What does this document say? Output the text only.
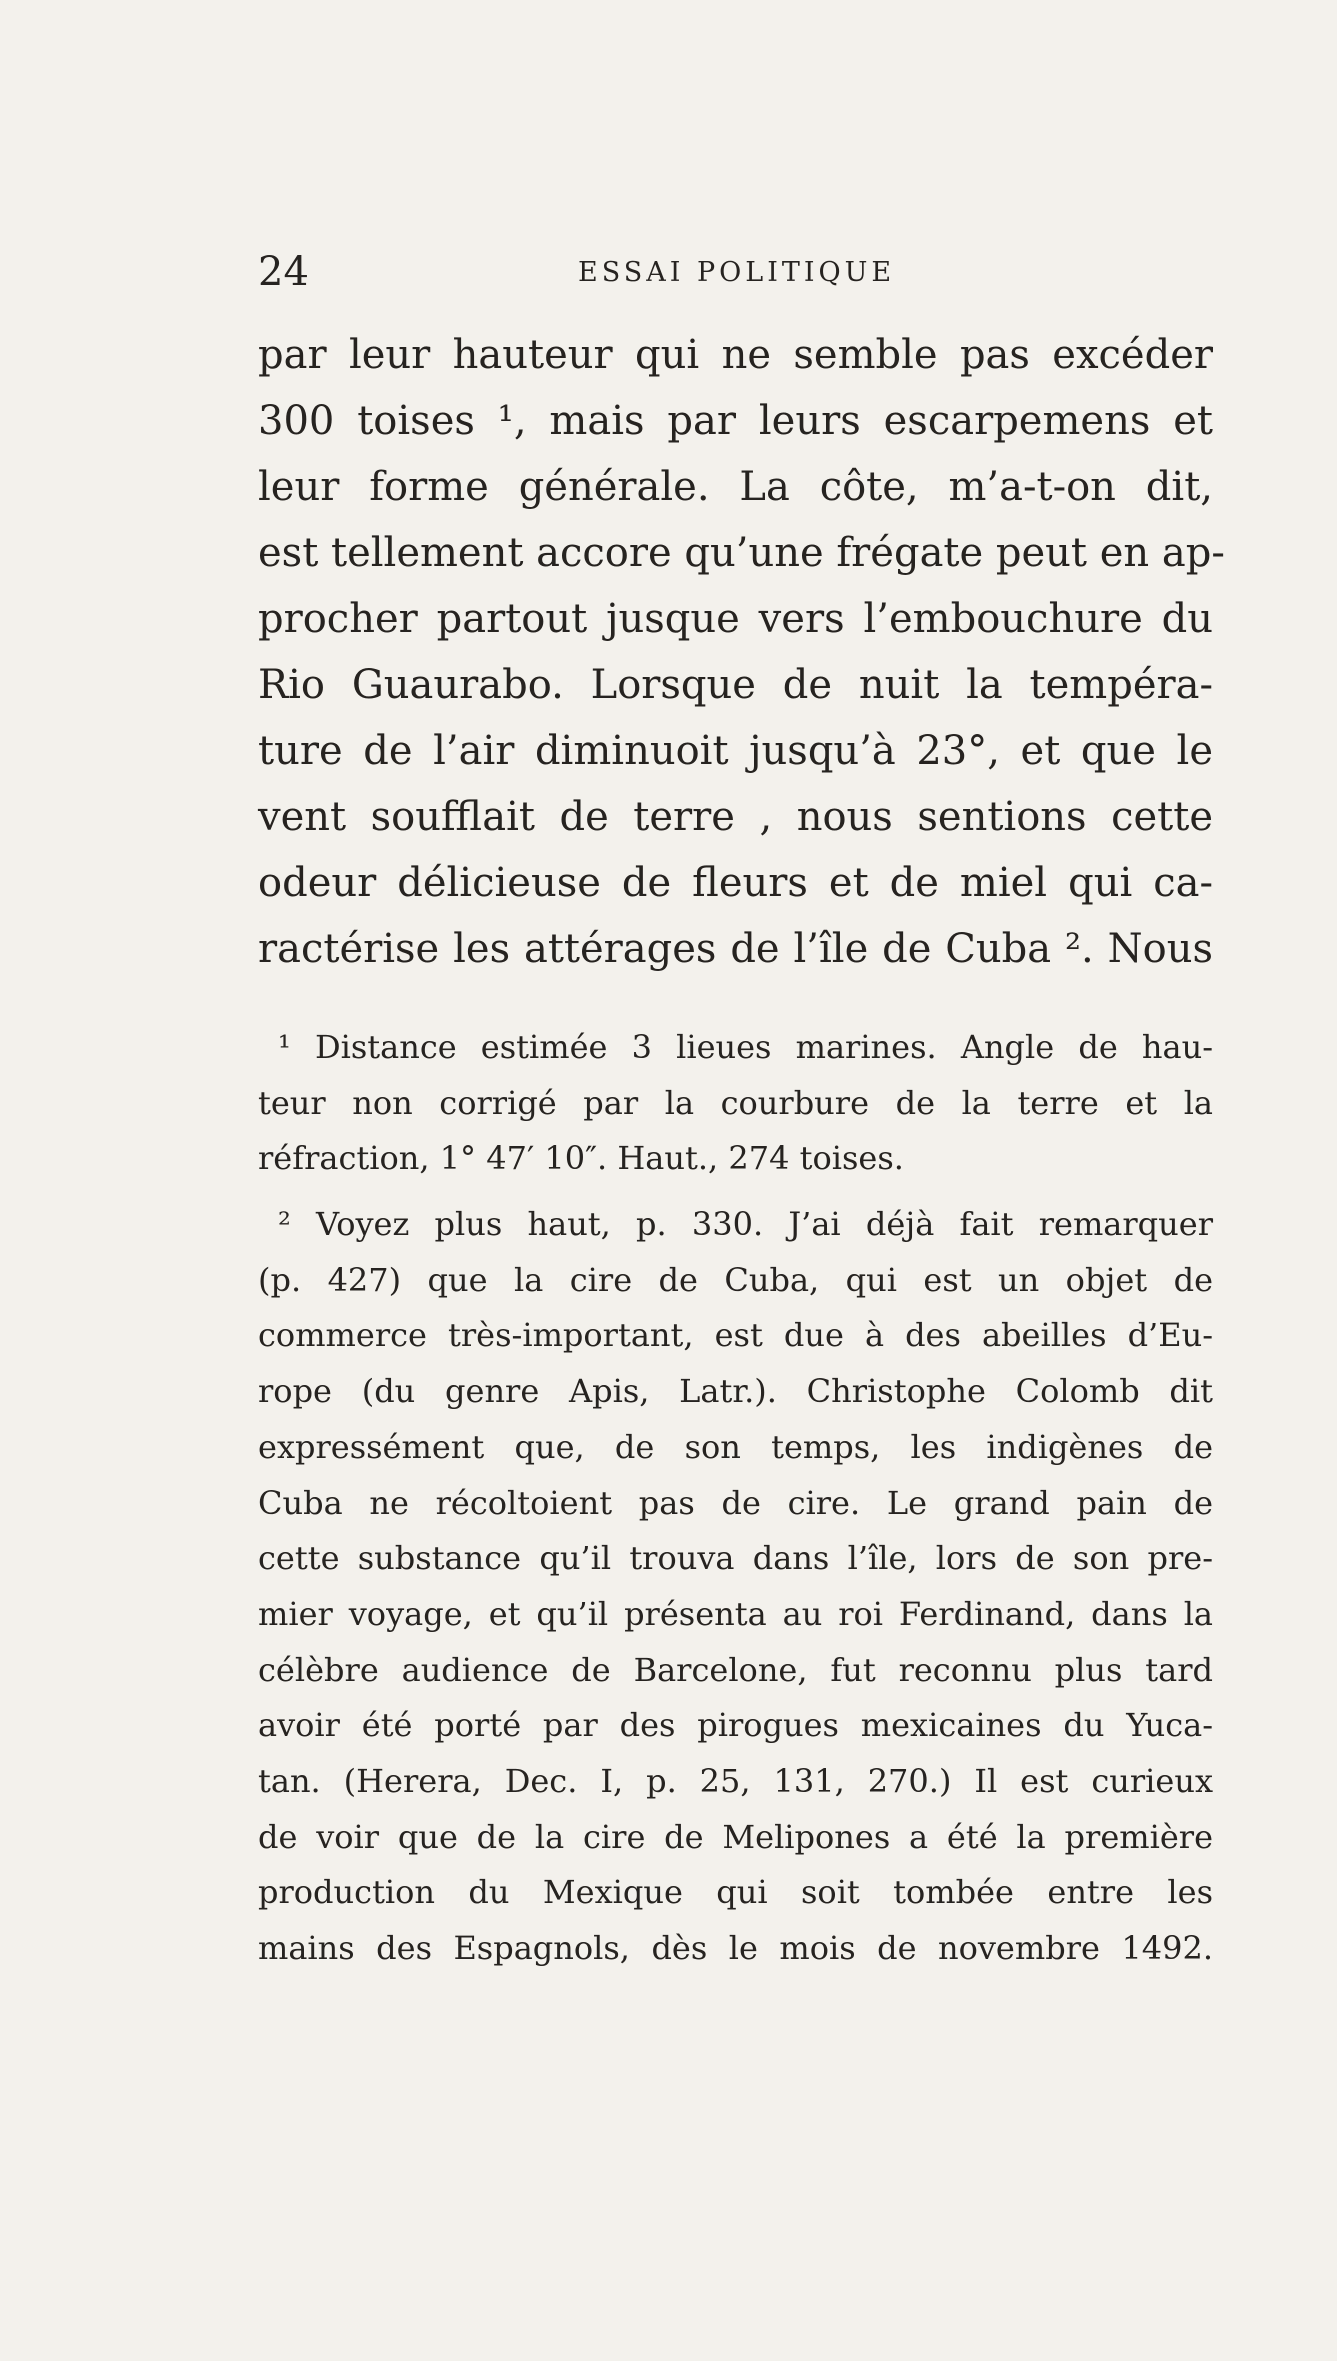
24	ESSAI POLITIQUE
par leur hauteur qui ne semble pas excéder
300 toises ¹, mais par leurs escarpemens et
leur forme générale. La côte, m’a-t-on dit,
est tellement accore qu’une frégate peut en ap-
procher partout jusque vers l’embouchure du
Rio Guaurabo. Lorsque de nuit la tempéra-
ture de l’air diminuoit jusqu’à 23°, et que le
vent soufflait de terre , nous sentions cette
odeur délicieuse de fleurs et de miel qui ca-
ractérise les attérages de l’île de Cuba ². Nous
¹ Distance estimée 3 lieues marines. Angle de hau-
teur non corrigé par la courbure de la terre et la
réfraction, 1° 47′ 10″. Haut., 274 toises.
² Voyez plus haut, p. 330. J’ai déjà fait remarquer
(p. 427) que la cire de Cuba, qui est un objet de
commerce très-important, est due à des abeilles d’Eu-
rope (du genre Apis, Latr.). Christophe Colomb dit
expressément que, de son temps, les indigènes de
Cuba ne récoltoient pas de cire. Le grand pain de
cette substance qu’il trouva dans l’île, lors de son pre-
mier voyage, et qu’il présenta au roi Ferdinand, dans la
célèbre audience de Barcelone, fut reconnu plus tard
avoir été porté par des pirogues mexicaines du Yuca-
tan. (Herera, Dec. I, p. 25, 131, 270.) Il est curieux
de voir que de la cire de Melipones a été la première
production du Mexique qui soit tombée entre les
mains des Espagnols, dès le mois de novembre 1492.
